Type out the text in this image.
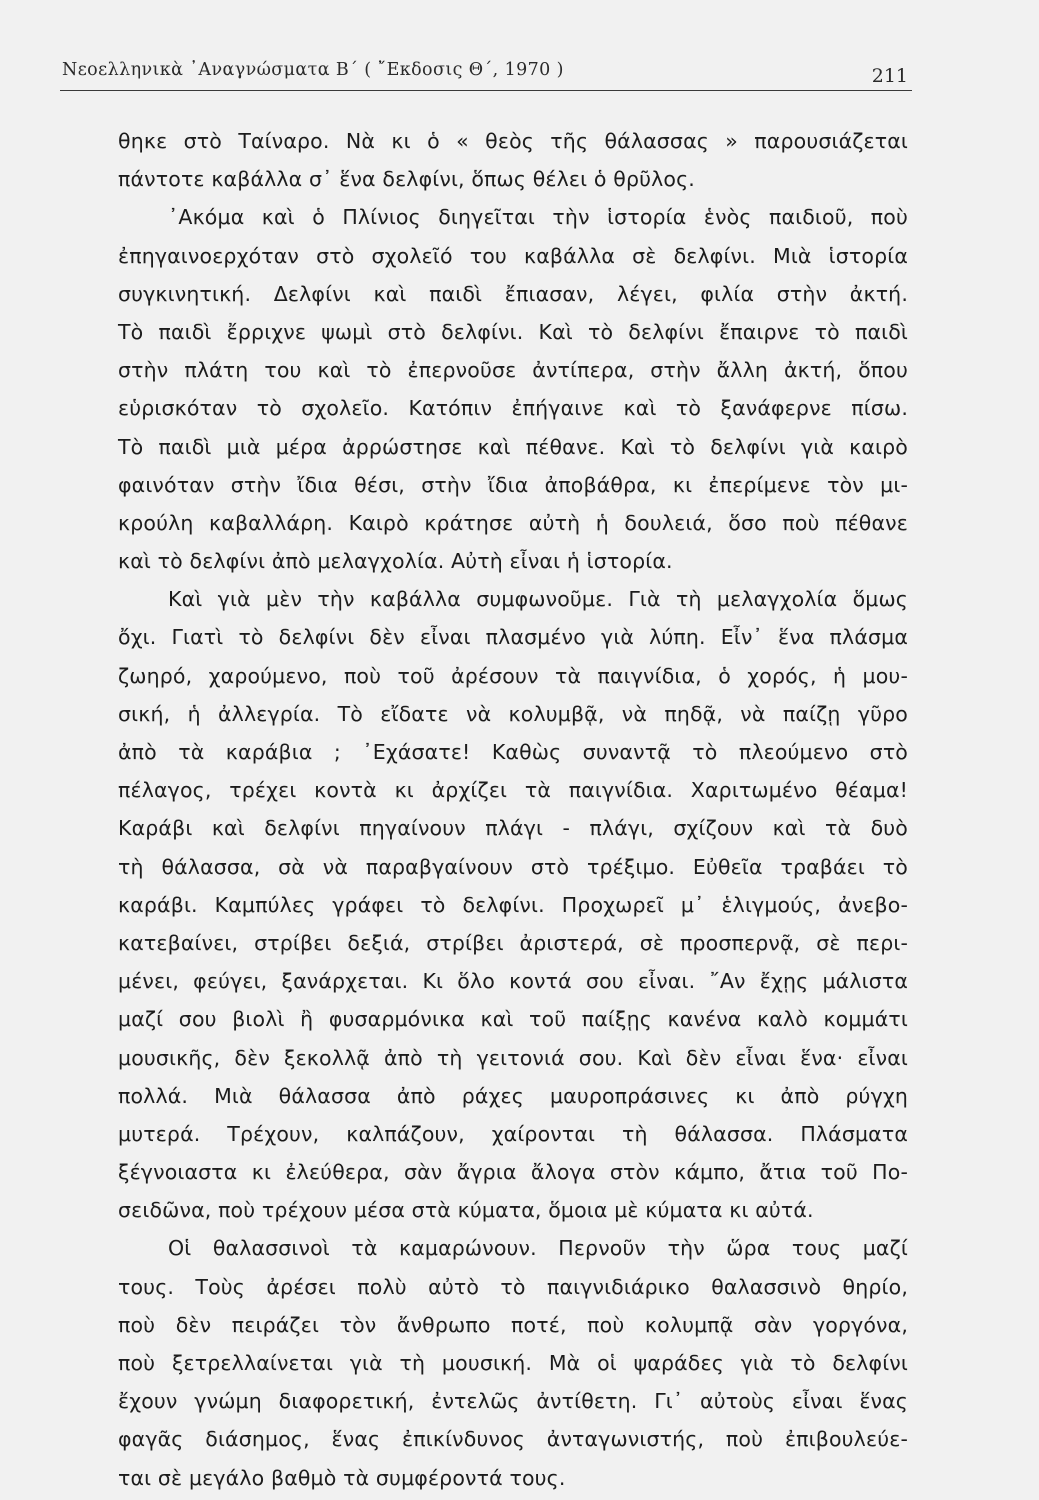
Νεοελληνικὰ ᾿Αναγνώσματα Β΄ ( ῎Εκδοσις Θ΄, 1970 )	211
θηκε στὸ Ταίναρο. Νὰ κι ὁ « θεὸς τῆς θάλασσας » παρουσιάζεται
πάντοτε καβάλλα σ᾿ ἕνα δελφίνι, ὅπως θέλει ὁ θρῦλος.
᾿Ακόμα καὶ ὁ Πλίνιος διηγεῖται τὴν ἱστορία ἑνὸς παιδιοῦ, ποὺ
ἐπηγαινοερχόταν στὸ σχολεῖό του καβάλλα σὲ δελφίνι. Μιὰ ἱστορία
συγκινητική. Δελφίνι καὶ παιδὶ ἔπιασαν, λέγει, φιλία στὴν ἀκτή.
Τὸ παιδὶ ἔρριχνε ψωμὶ στὸ δελφίνι. Καὶ τὸ δελφίνι ἔπαιρνε τὸ παιδὶ
στὴν πλάτη του καὶ τὸ ἐπερνοῦσε ἀντίπερα, στὴν ἄλλη ἀκτή, ὅπου
εὑρισκόταν τὸ σχολεῖο. Κατόπιν ἐπήγαινε καὶ τὸ ξανάφερνε πίσω.
Τὸ παιδὶ μιὰ μέρα ἀρρώστησε καὶ πέθανε. Καὶ τὸ δελφίνι γιὰ καιρὸ
φαινόταν στὴν ἴδια θέσι, στὴν ἴδια ἀποβάθρα, κι ἐπερίμενε τὸν μι-
κρούλη καβαλλάρη. Καιρὸ κράτησε αὐτὴ ἡ δουλειά, ὅσο ποὺ πέθανε
καὶ τὸ δελφίνι ἀπὸ μελαγχολία. Αὐτὴ εἶναι ἡ ἱστορία.
Καὶ γιὰ μὲν τὴν καβάλλα συμφωνοῦμε. Γιὰ τὴ μελαγχολία ὅμως
ὄχι. Γιατὶ τὸ δελφίνι δὲν εἶναι πλασμένο γιὰ λύπη. Εἶν᾿ ἕνα πλάσμα
ζωηρό, χαρούμενο, ποὺ τοῦ ἀρέσουν τὰ παιγνίδια, ὁ χορός, ἡ μου-
σική, ἡ ἀλλεγρία. Τὸ εἴδατε νὰ κολυμβᾷ, νὰ πηδᾷ, νὰ παίζῃ γῦρο
ἀπὸ τὰ καράβια ; ᾿Εχάσατε! Καθὼς συναντᾷ τὸ πλεούμενο στὸ
πέλαγος, τρέχει κοντὰ κι ἀρχίζει τὰ παιγνίδια. Χαριτωμένο θέαμα!
Καράβι καὶ δελφίνι πηγαίνουν πλάγι - πλάγι, σχίζουν καὶ τὰ δυὸ
τὴ θάλασσα, σὰ νὰ παραβγαίνουν στὸ τρέξιμο. Εὐθεῖα τραβάει τὸ
καράβι. Καμπύλες γράφει τὸ δελφίνι. Προχωρεῖ μ᾿ ἑλιγμούς, ἀνεβο-
κατεβαίνει, στρίβει δεξιά, στρίβει ἀριστερά, σὲ προσπερνᾷ, σὲ περι-
μένει, φεύγει, ξανάρχεται. Κι ὅλο κοντά σου εἶναι. ῎Αν ἔχῃς μάλιστα
μαζί σου βιολὶ ἢ φυσαρμόνικα καὶ τοῦ παίξῃς κανένα καλὸ κομμάτι
μουσικῆς, δὲν ξεκολλᾷ ἀπὸ τὴ γειτονιά σου. Καὶ δὲν εἶναι ἕνα· εἶναι
πολλά. Μιὰ θάλασσα ἀπὸ ράχες μαυροπράσινες κι ἀπὸ ρύγχη
μυτερά. Τρέχουν, καλπάζουν, χαίρονται τὴ θάλασσα. Πλάσματα
ξέγνοιαστα κι ἐλεύθερα, σὰν ἄγρια ἄλογα στὸν κάμπο, ἄτια τοῦ Πο-
σειδῶνα, ποὺ τρέχουν μέσα στὰ κύματα, ὅμοια μὲ κύματα κι αὐτά.
Οἱ θαλασσινοὶ τὰ καμαρώνουν. Περνοῦν τὴν ὥρα τους μαζί
τους. Τοὺς ἀρέσει πολὺ αὐτὸ τὸ παιγνιδιάρικο θαλασσινὸ θηρίο,
ποὺ δὲν πειράζει τὸν ἄνθρωπο ποτέ, ποὺ κολυμπᾷ σὰν γοργόνα,
ποὺ ξετρελλαίνεται γιὰ τὴ μουσική. Μὰ οἱ ψαράδες γιὰ τὸ δελφίνι
ἔχουν γνώμη διαφορετική, ἐντελῶς ἀντίθετη. Γι᾿ αὐτοὺς εἶναι ἕνας
φαγᾶς διάσημος, ἕνας ἐπικίνδυνος ἀνταγωνιστής, ποὺ ἐπιβουλεύε-
ται σὲ μεγάλο βαθμὸ τὰ συμφέροντά τους.
